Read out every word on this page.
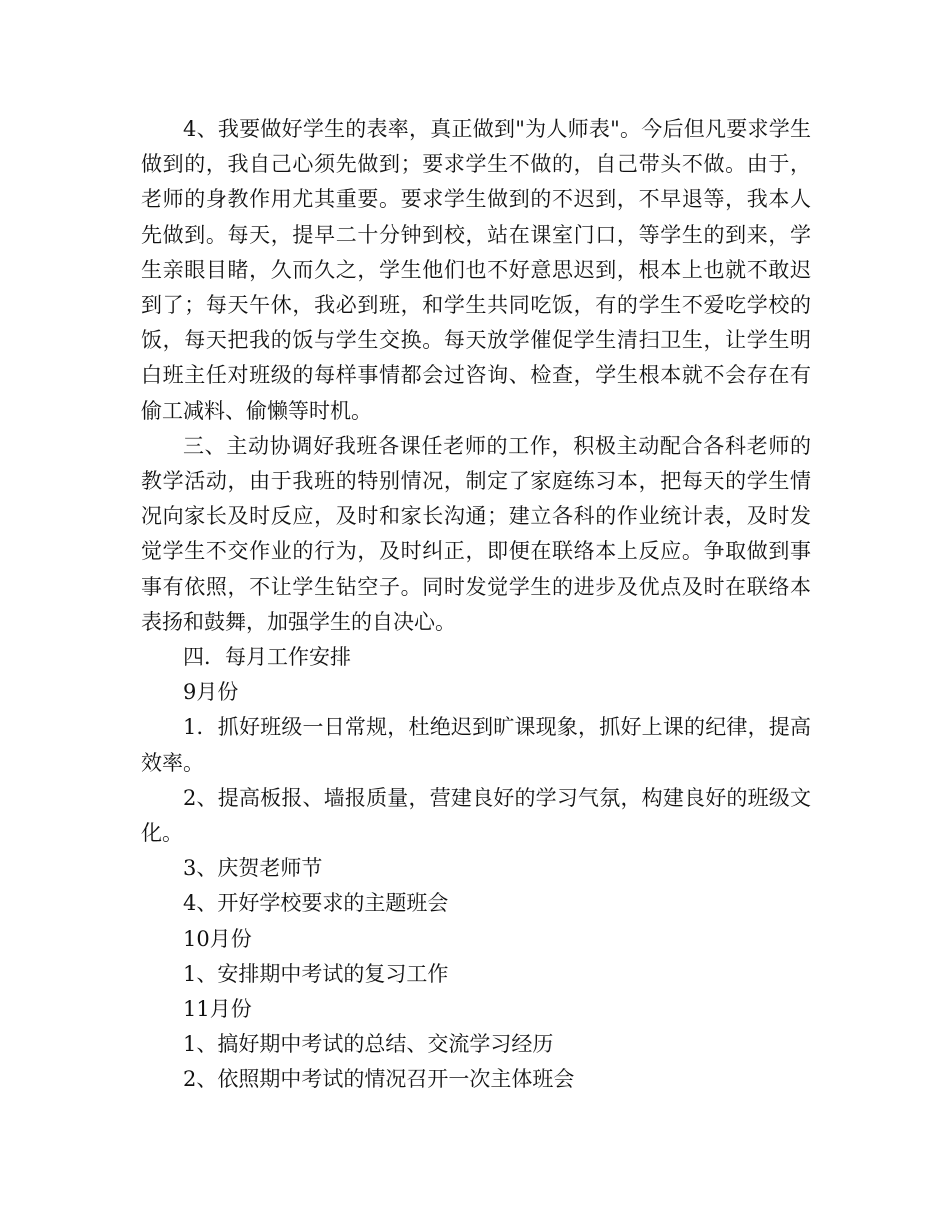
4、我要做好学生的表率，真正做到"为人师表"。今后但凡要求学生做到的，我自己心须先做到；要求学生不做的，自己带头不做。由于，老师的身教作用尤其重要。要求学生做到的不迟到，不早退等，我本人先做到。每天，提早二十分钟到校，站在课室门口，等学生的到来，学生亲眼目睹，久而久之，学生他们也不好意思迟到，根本上也就不敢迟到了；每天午休，我必到班，和学生共同吃饭，有的学生不爱吃学校的饭，每天把我的饭与学生交换。每天放学催促学生清扫卫生，让学生明白班主任对班级的每样事情都会过咨询、检查，学生根本就不会存在有偷工减料、偷懒等时机。

三、主动协调好我班各课任老师的工作，积极主动配合各科老师的教学活动，由于我班的特别情况，制定了家庭练习本，把每天的学生情况向家长及时反应，及时和家长沟通；建立各科的作业统计表，及时发觉学生不交作业的行为，及时纠正，即便在联络本上反应。争取做到事事有依照，不让学生钻空子。同时发觉学生的进步及优点及时在联络本表扬和鼓舞，加强学生的自决心。

四．每月工作安排

9月份

1．抓好班级一日常规，杜绝迟到旷课现象，抓好上课的纪律，提高效率。

2、提高板报、墙报质量，营建良好的学习气氛，构建良好的班级文化。

3、庆贺老师节

4、开好学校要求的主题班会

10月份

1、安排期中考试的复习工作

11月份

1、搞好期中考试的总结、交流学习经历

2、依照期中考试的情况召开一次主体班会
